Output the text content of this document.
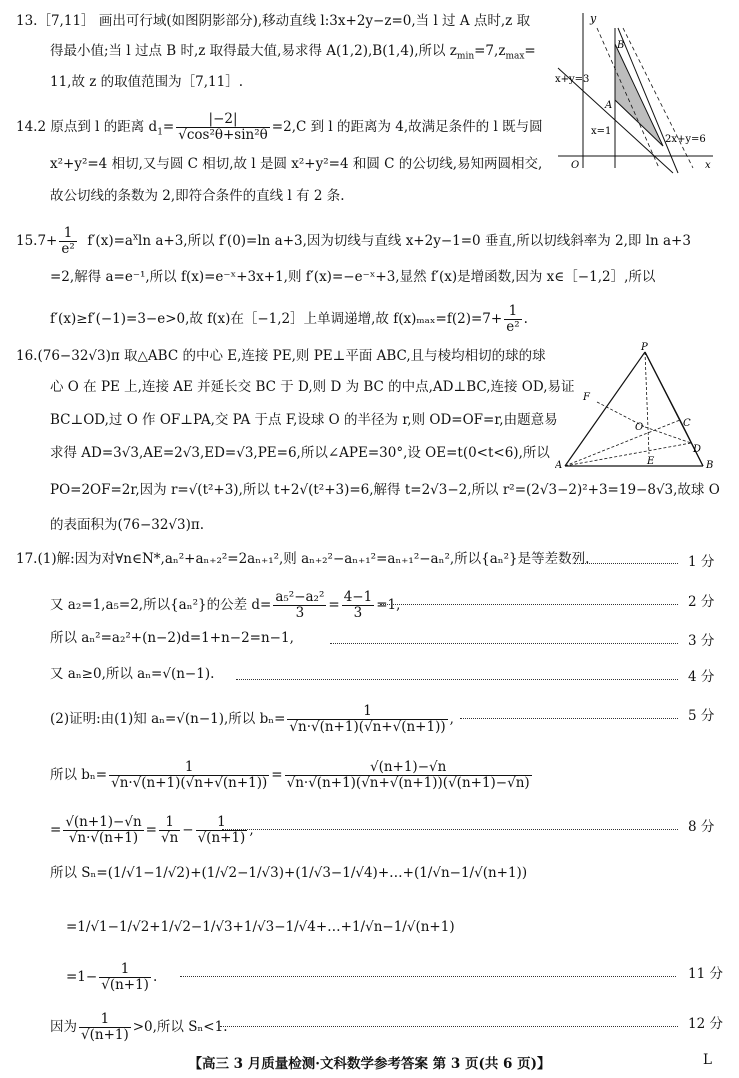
13.［7,11］ 画出可行域(如图阴影部分),移动直线 l:3x+2y−z=0,当 l 过 A 点时,z 取
得最小值;当 l 过点 B 时,z 取得最大值,易求得 A(1,2),B(1,4),所以 $z_{min}=7,z_{max}=$
11,故 z 的取值范围为［7,11］.
y
x+y=3
B
A
x=1
O	x
2x+y=6
14.2 原点到 l 的距离 $d_1= \frac{|-2|}{\text{√cos²θ+sin²θ}} =2,C$ 到 l 的距离为 4,故满足条件的 l 既与圆
x²+y²=4 相切,又与圆 C 相切,故 l 是圆 x²+y²=4 和圆 C 的公切线,易知两圆相交,
故公切线的条数为 2,即符合条件的直线 l 有 2 条.
$15.7+ \frac{1}{\text{e²}} f'(x)=a^x\ln$ a+3,所以 f′(0)=ln a+3,因为切线与直线 x+2y−1=0 垂直,所以切线斜率为 2,即 ln a+3
=2,解得 a=e⁻¹,所以 f(x)=e⁻ˣ+3x+1,则 f′(x)=−e⁻ˣ+3,显然 f′(x)是增函数,因为 x∈［−1,2］,所以
f′(x)≥f′(−1)=3−e>0,故 f(x)在［−1,2］上单调递增,故 $f(x)_{max}=f(2)=7+ \frac{1}{\text{e²}}$ .
16.(76−32√3)π 取△ABC 的中心 E,连接 PE,则 PE⊥平面 ABC,且与棱均相切的球的球
心 O 在 PE 上,连接 AE 并延长交 BC 于 D,则 D 为 BC 的中点,AD⊥BC,连接 OD,易证
BC⊥OD,过 O 作 OF⊥PA,交 PA 于点 F,设球 O 的半径为 r,则 OD=OF=r,由题意易
求得 AD=3√3,AE=2√3,ED=√3,PE=6,所以∠APE=30°,设 OE=t(0<t<6),所以
PO=2OF=2r,因为 r=√(t²+3),所以 t+2√(t²+3)=6,解得 t=2√3−2,所以 r²=(2√3−2)²+3=19−8√3,故球 O
的表面积为(76−32√3)π.
P
F
O	C
E
D
A	B
17.(1)解:因为对∀n∈N*,aₙ²+aₙ₊₂²=2aₙ₊₁²,则 aₙ₊₂²−aₙ₊₁²=aₙ₊₁²−aₙ²,所以{aₙ²}是等差数列.	1 分
又 a₂=1,a₅=2,所以{aₙ²}的公差 $d= \frac{\text{a₅²−a₂²}}{3} = \frac{4-1}{3} =1$,	2 分
所以 aₙ²=a₂²+(n−2)d=1+n−2=n−1,	3 分
又 aₙ≥0,所以 aₙ=√(n−1).	4 分
(2)证明:由(1)知 aₙ=√(n−1),所以 $b_n= \frac{1}{√n\cdot√(n+1)(√n+√(n+1))}$ ,	5 分
所以 $b_n= \frac{1}{√n\cdot√(n+1)(√n+√(n+1))} = \frac{√(n+1)-√n}{√n\cdot√(n+1)(√n+√(n+1))(√(n+1)-√n)}$
= $\frac{√(n+1)-√n}{√n\cdot√(n+1)} = \frac{1}{√n} - \frac{1}{√(n+1)}$ ,	8 分
所以 Sₙ=(1/√1−1/√2)+(1/√2−1/√3)+(1/√3−1/√4)+…+(1/√n−1/√(n+1))
=1/√1−1/√2+1/√2−1/√3+1/√3−1/√4+…+1/√n−1/√(n+1)
$=1- \frac{1}{√(n+1)}$ .	11 分
因为 $\frac{1}{√(n+1)} >0$,所以 Sₙ<1.	12 分
【高三 3 月质量检测·文科数学参考答案 第 3 页(共 6 页)】	L
